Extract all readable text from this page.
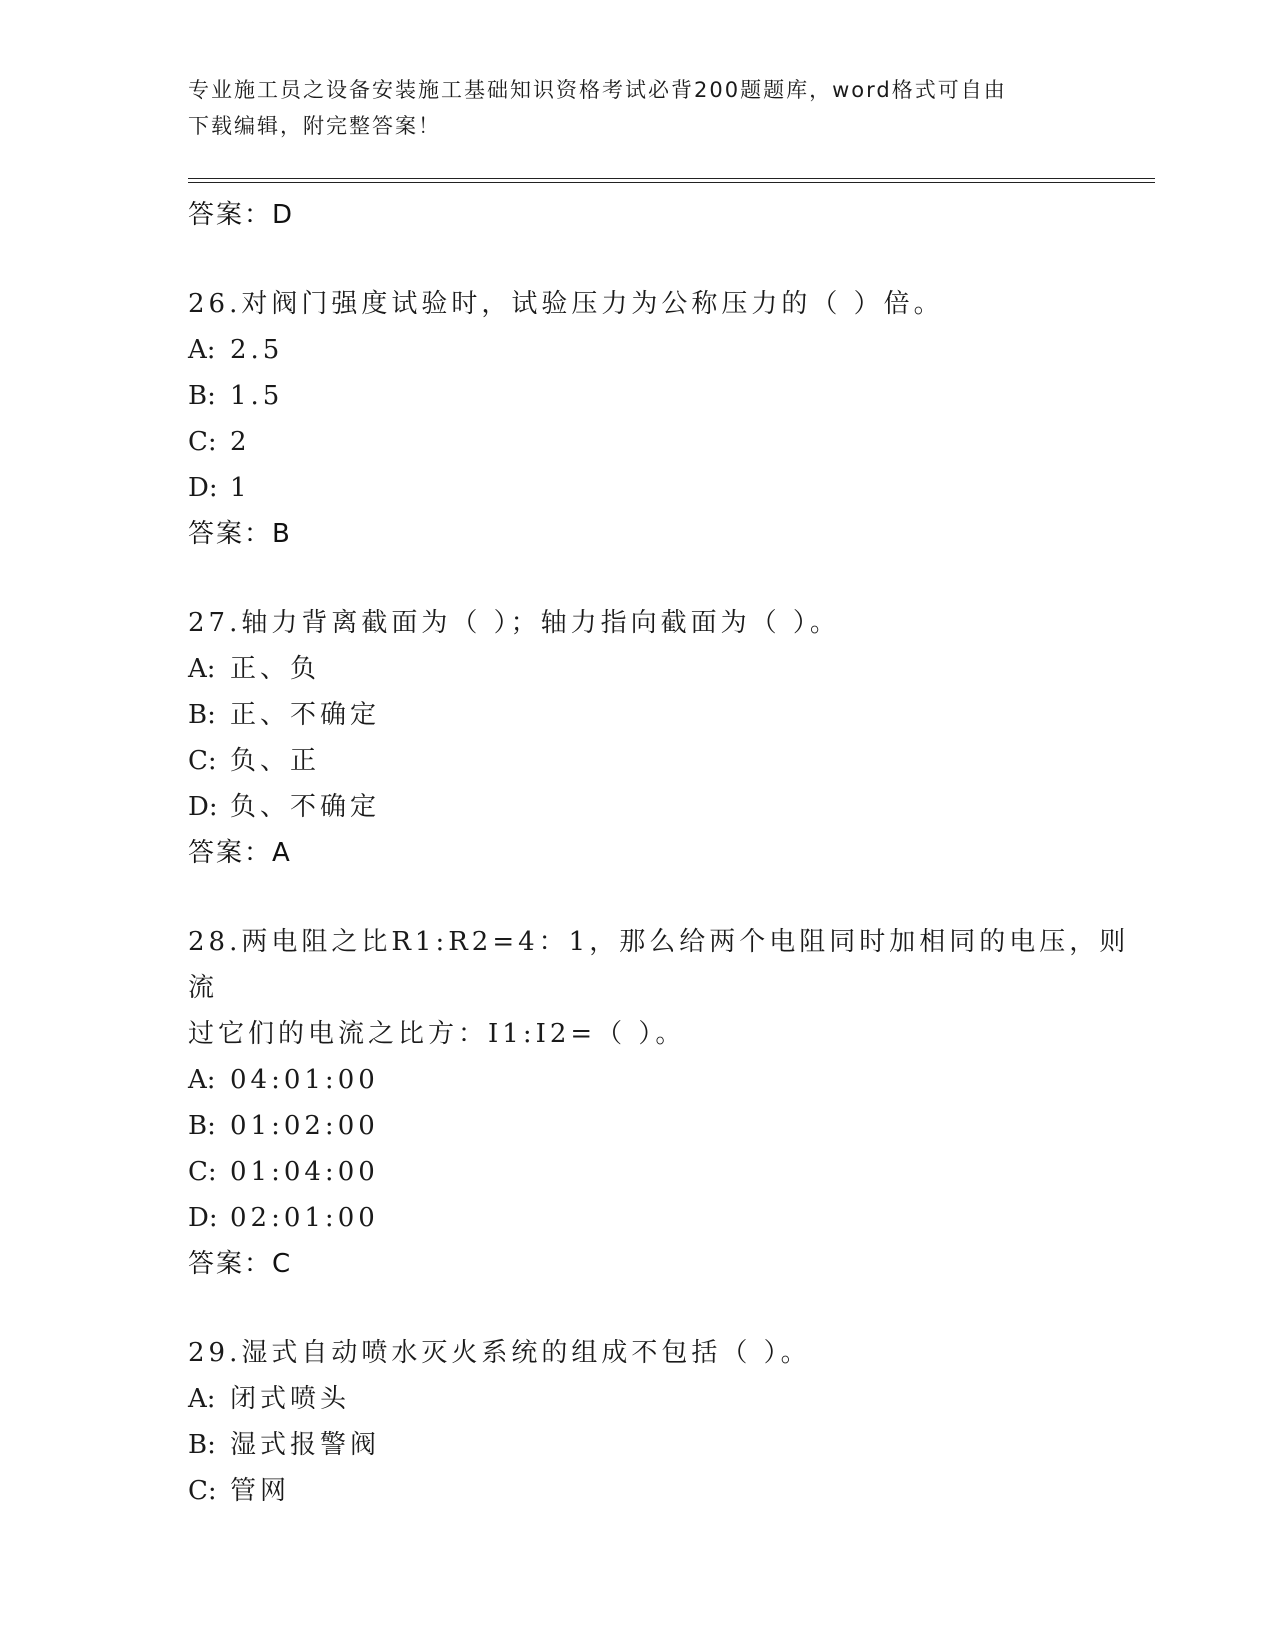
专业施工员之设备安装施工基础知识资格考试必背200题题库，word格式可自由
下载编辑，附完整答案！
答案：D
26.对阀门强度试验时，试验压力为公称压力的（ ）倍。
A: 2.5
B: 1.5
C: 2
D: 1
答案：B
27.轴力背离截面为（ ）；轴力指向截面为（ ）。
A: 正、负
B: 正、不确定
C: 负、正
D: 负、不确定
答案：A
28.两电阻之比R1:R2=4：1，那么给两个电阻同时加相同的电压，则流
过它们的电流之比方：I1:I2=（ ）。
A: 04:01:00
B: 01:02:00
C: 01:04:00
D: 02:01:00
答案：C
29.湿式自动喷水灭火系统的组成不包括（ ）。
A: 闭式喷头
B: 湿式报警阀
C: 管网
